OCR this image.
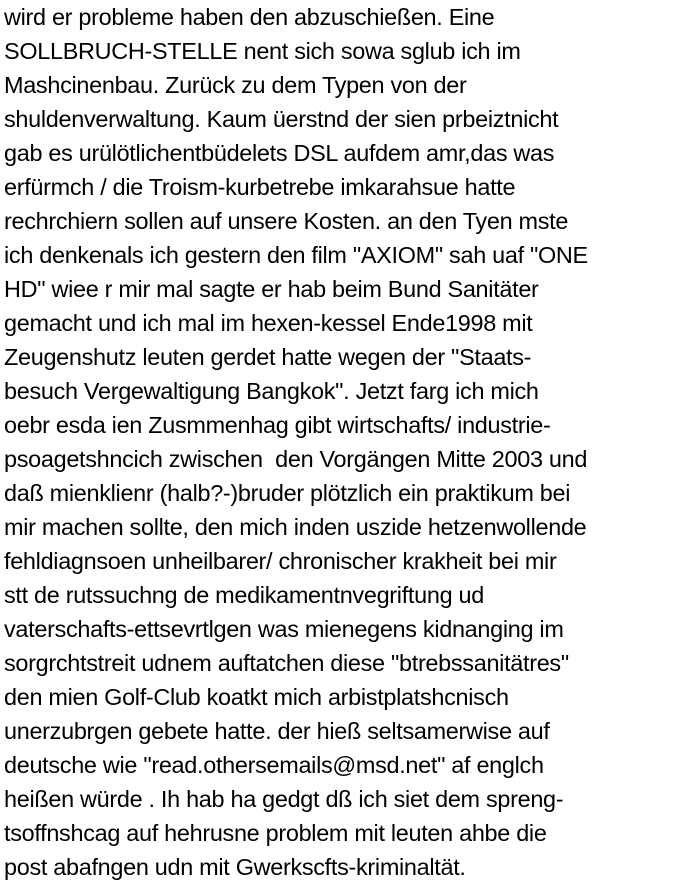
wird er probleme haben den abzuschießen. Eine
SOLLBRUCH-STELLE nent sich sowa sglub ich im
Mashcinenbau. Zurück zu dem Typen von der
shuldenverwaltung. Kaum üerstnd der sien prbeiztnicht
gab es urülötlichentbüdelets DSL aufdem amr,das was
erfürmch / die Troism-kurbetrebe imkarahsue hatte
rechrchiern sollen auf unsere Kosten. an den Tyen mste
ich denkenals ich gestern den film "AXIOM" sah uaf "ONE
HD" wiee r mir mal sagte er hab beim Bund Sanitäter
gemacht und ich mal im hexen-kessel Ende1998 mit
Zeugenshutz leuten gerdet hatte wegen der "Staats-
besuch Vergewaltigung Bangkok". Jetzt farg ich mich
oebr esda ien Zusmmenhag gibt wirtschafts/ industrie-
psoagetshncich zwischen  den Vorgängen Mitte 2003 und
daß mienklienr (halb?-)bruder plötzlich ein praktikum bei
mir machen sollte, den mich inden uszide hetzenwollende
fehldiagnsoen unheilbarer/ chronischer krakheit bei mir
stt de rutssuchng de medikamentnvegriftung ud
vaterschafts-ettsevrtlgen was mienegens kidnanging im
sorgrchtstreit udnem auftatchen diese "btrebssanitätres"
den mien Golf-Club koatkt mich arbistplatshcnisch
unerzubrgen gebete hatte. der hieß seltsamerwise auf
deutsche wie "read.othersemails@msd.net" af englch
heißen würde . Ih hab ha gedgt dß ich siet dem spreng-
tsoffnshcag auf hehrusne problem mit leuten ahbe die
post abafngen udn mit Gwerkscfts-kriminaltät.
